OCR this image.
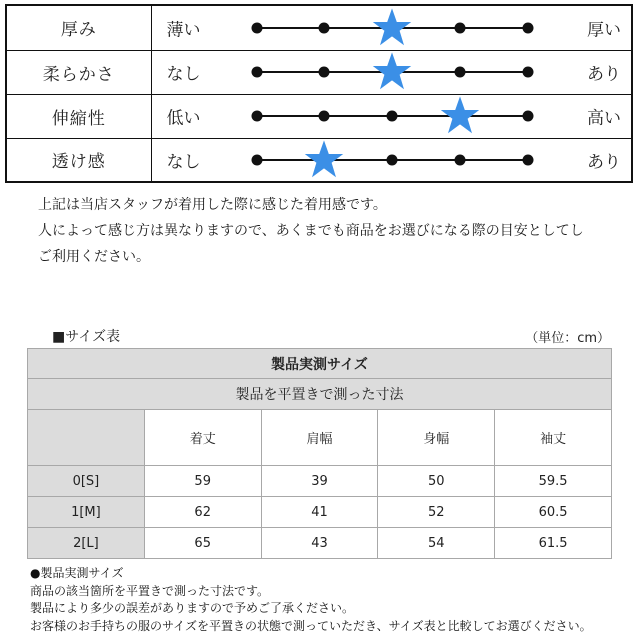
厚み	薄い 厚い

柔らかさ	なし あり

伸縮性	低い 高い

透け感	なし あり
上記は当店スタッフが着用した際に感じた着用感です。
人によって感じ方は異なりますので、あくまでも商品をお選びになる際の目安としてし
ご利用ください。
■サイズ表	（単位：cm）
製品実測サイズ				
製品を平置きで測った寸法				
	着丈	肩幅	身幅	袖丈
0[S]	59	39	50	59.5
1[M]	62	41	52	60.5
2[L]	65	43	54	61.5
●製品実測サイズ
商品の該当箇所を平置きで測った寸法です。
製品により多少の誤差がありますので予めご了承ください。
お客様のお手持ちの服のサイズを平置きの状態で測っていただき、サイズ表と比較してお選びください。
